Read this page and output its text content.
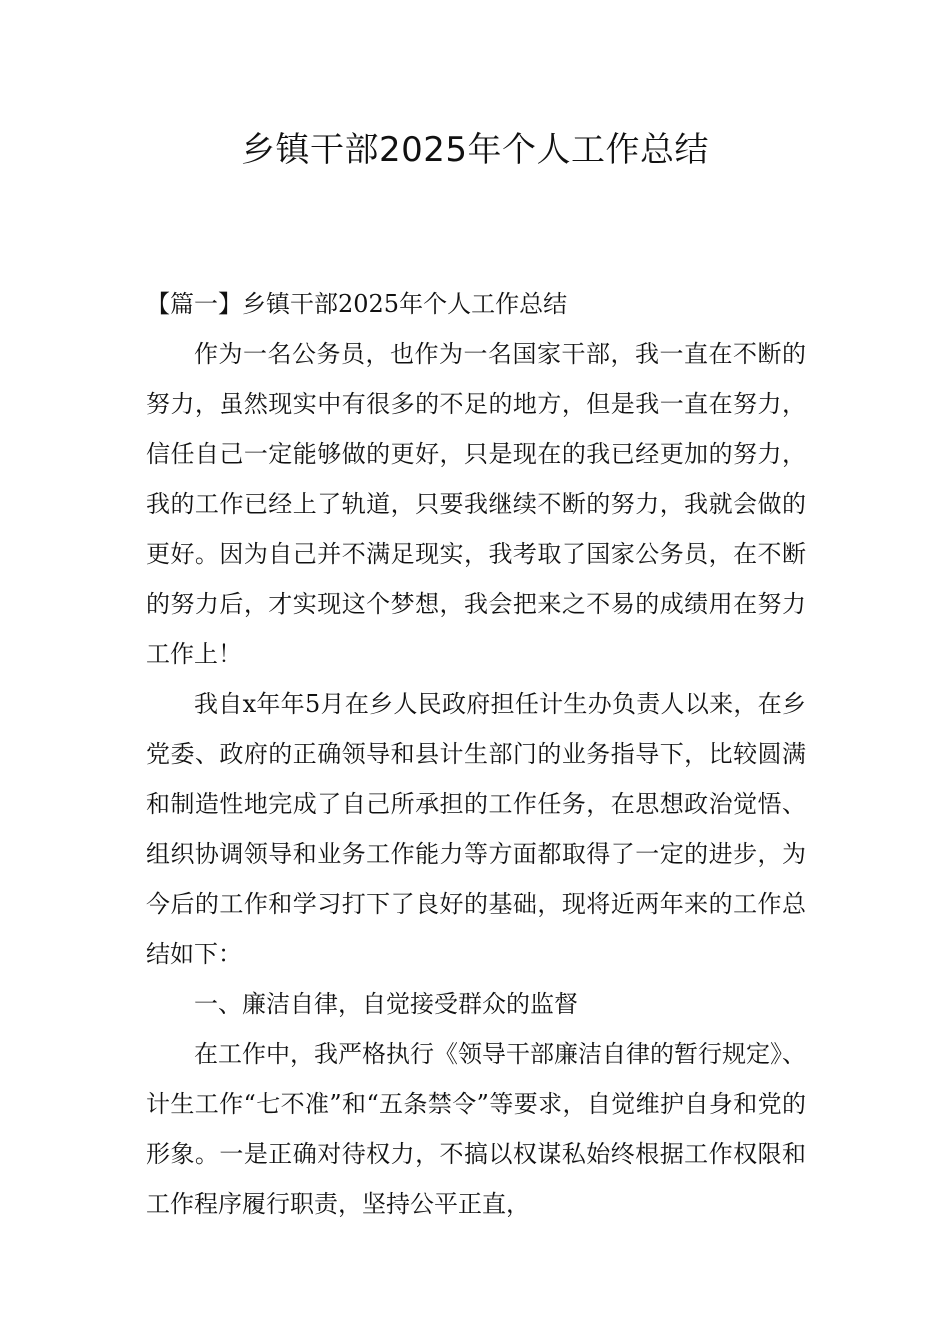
乡镇干部2025年个人工作总结

【篇一】乡镇干部2025年个人工作总结

作为一名公务员，也作为一名国家干部，我一直在不断的努力，虽然现实中有很多的不足的地方，但是我一直在努力，信任自己一定能够做的更好，只是现在的我已经更加的努力，我的工作已经上了轨道，只要我继续不断的努力，我就会做的更好。因为自己并不满足现实，我考取了国家公务员，在不断的努力后，才实现这个梦想，我会把来之不易的成绩用在努力工作上！

我自x年年5月在乡人民政府担任计生办负责人以来，在乡党委、政府的正确领导和县计生部门的业务指导下，比较圆满和制造性地完成了自己所承担的工作任务，在思想政治觉悟、组织协调领导和业务工作能力等方面都取得了一定的进步，为今后的工作和学习打下了良好的基础，现将近两年来的工作总结如下：

一、廉洁自律，自觉接受群众的监督

在工作中，我严格执行《领导干部廉洁自律的暂行规定》、计生工作“七不准”和“五条禁令”等要求，自觉维护自身和党的形象。一是正确对待权力，不搞以权谋私始终根据工作权限和工作程序履行职责，坚持公平正直，
